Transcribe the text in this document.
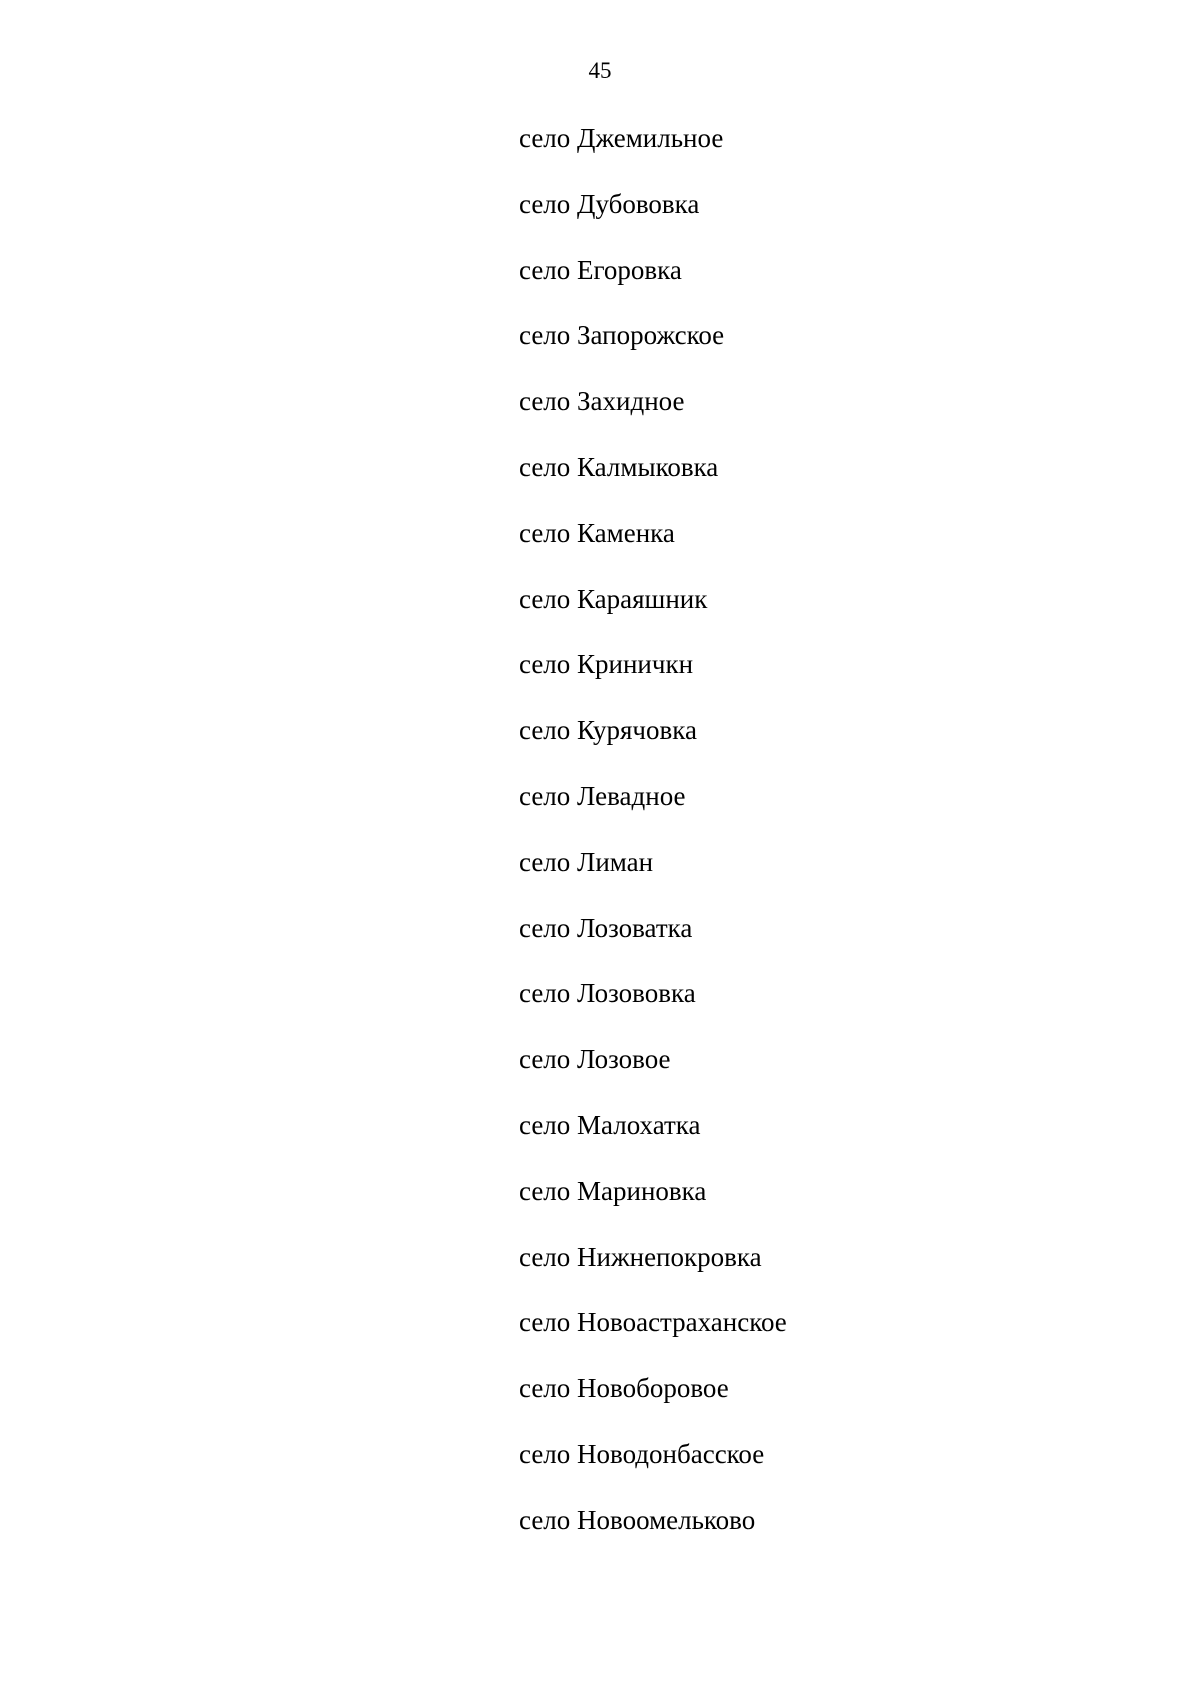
45
село Джемильное
село Дубововка
село Егоровка
село Запорожское
село Захидное
село Калмыковка
село Каменка
село Караяшник
село Криничкн
село Курячовка
село Левадное
село Лиман
село Лозоватка
село Лозововка
село Лозовое
село Малохатка
село Мариновка
село Нижнепокровка
село Новоастраханское
село Новоборовое
село Новодонбасское
село Новоомельково
